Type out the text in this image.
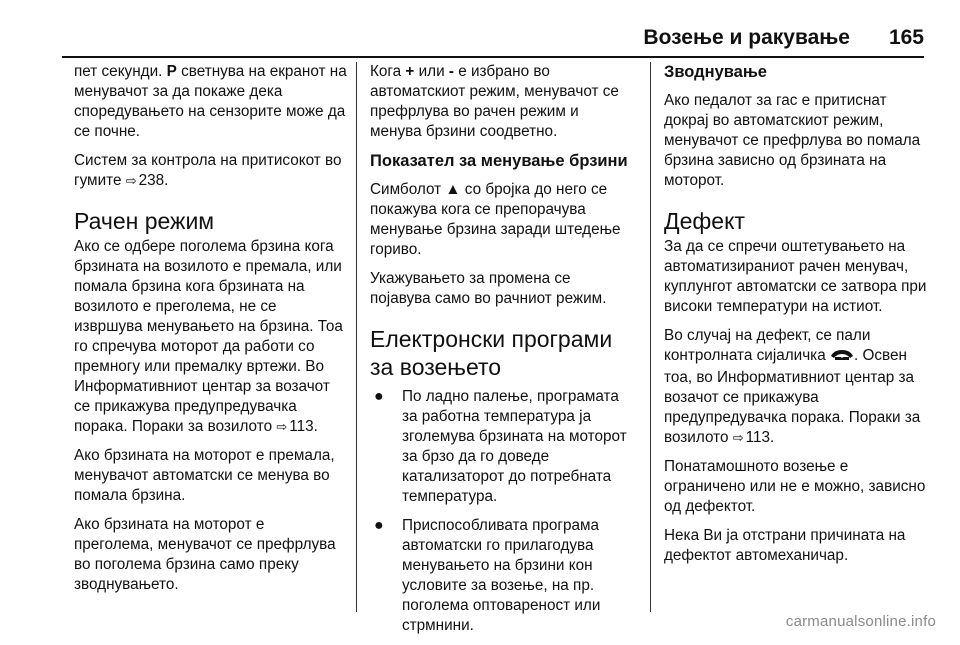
Возење и ракување 165

пет секунди. P светнува на екранот на менувачот за да покаже дека споредувањето на сензорите може да се почне.

Систем за контрола на притисокот во гумите ⇨ 238.

Рачен режим

Ако се одбере поголема брзина кога брзината на возилото е премала, или помала брзина кога брзината на возилото е преголема, не се извршува менувањето на брзина. Тоа го спречува моторот да работи со премногу или премалку вртежи. Во Информативниот центар за возачот се прикажува предупредувачка порака. Пораки за возилото ⇨ 113.

Ако брзината на моторот е премала, менувачот автоматски се менува во помала брзина.

Ако брзината на моторот е преголема, менувачот се префрлува во поголема брзина само преку зводнувањето.

Кога + или - е избрано во автоматскиот режим, менувачот се префрлува во рачен режим и менува брзини соодветно.

Показател за менување брзини

Симболот ▲ со бројка до него се покажува кога се препорачува менување брзина заради штедење гориво.

Укажувањето за промена се појавува само во рачниот режим.

Електронски програми за возењето
● По ладно палење, програмата за работна температура ја зголемува брзината на моторот за брзо да го доведе катализаторот до потребната температура.
● Приспособливата програма автоматски го прилагодува менувањето на брзини кон условите за возење, на пр. поголема оптовареност или стрмнини.
Зводнување

Ако педалот за гас е притиснат докрај во автоматскиот режим, менувачот се префрлува во помала брзина зависно од брзината на моторот.

Дефект

За да се спречи оштетувањето на автоматизираниот рачен менувач, куплунгот автоматски се затвора при високи температури на истиот.

Во случај на дефект, се пали контролната сијаличка . Освен тоа, во Информативниот центар за возачот се прикажува предупредувачка порака. Пораки за возилото ⇨ 113.

Понатамошното возење е ограничено или не е можно, зависно од дефектот.

Нека Ви ја отстрани причината на дефектот автомеханичар.

carmanualsonline.info
